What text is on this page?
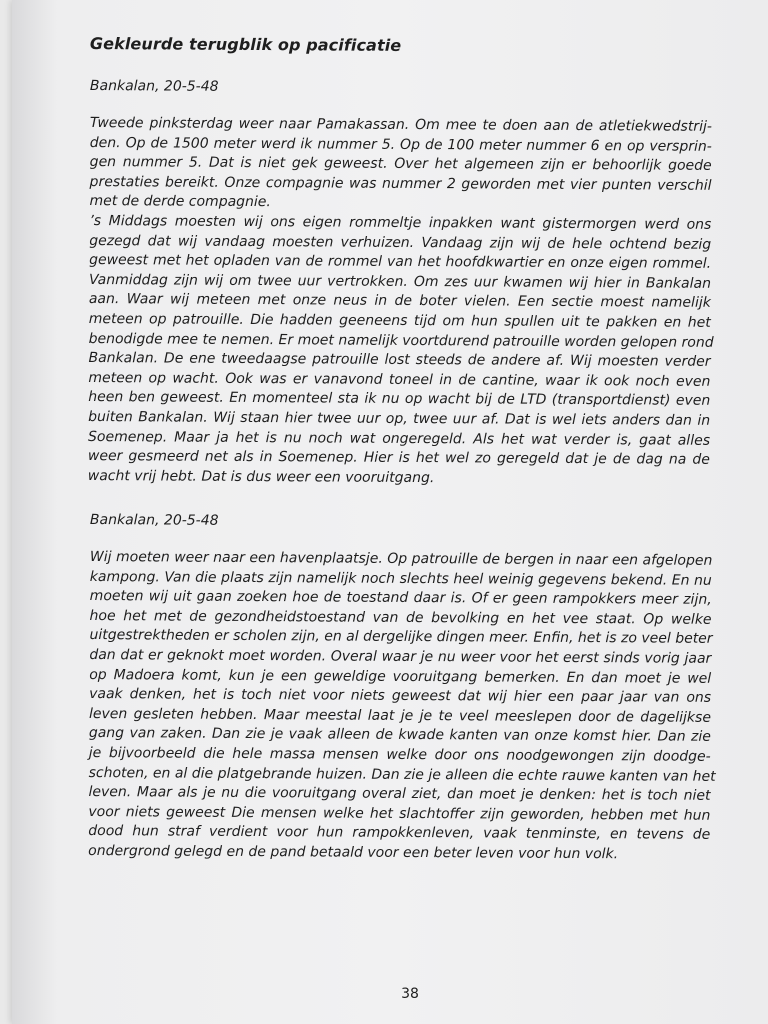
Gekleurde terugblik op pacificatie
Bankalan, 20-5-48
Tweede pinksterdag weer naar Pamakassan. Om mee te doen aan de atletiekwedstrij-
den. Op de 1500 meter werd ik nummer 5. Op de 100 meter nummer 6 en op versprin-
gen nummer 5. Dat is niet gek geweest. Over het algemeen zijn er behoorlijk goede
prestaties bereikt. Onze compagnie was nummer 2 geworden met vier punten verschil
met de derde compagnie.
’s Middags moesten wij ons eigen rommeltje inpakken want gistermorgen werd ons
gezegd dat wij vandaag moesten verhuizen. Vandaag zijn wij de hele ochtend bezig
geweest met het opladen van de rommel van het hoofdkwartier en onze eigen rommel.
Vanmiddag zijn wij om twee uur vertrokken. Om zes uur kwamen wij hier in Bankalan
aan. Waar wij meteen met onze neus in de boter vielen. Een sectie moest namelijk
meteen op patrouille. Die hadden geeneens tijd om hun spullen uit te pakken en het
benodigde mee te nemen. Er moet namelijk voortdurend patrouille worden gelopen rond
Bankalan. De ene tweedaagse patrouille lost steeds de andere af. Wij moesten verder
meteen op wacht. Ook was er vanavond toneel in de cantine, waar ik ook noch even
heen ben geweest. En momenteel sta ik nu op wacht bij de LTD (transportdienst) even
buiten Bankalan. Wij staan hier twee uur op, twee uur af. Dat is wel iets anders dan in
Soemenep. Maar ja het is nu noch wat ongeregeld. Als het wat verder is, gaat alles
weer gesmeerd net als in Soemenep. Hier is het wel zo geregeld dat je de dag na de
wacht vrij hebt. Dat is dus weer een vooruitgang.
Bankalan, 20-5-48
Wij moeten weer naar een havenplaatsje. Op patrouille de bergen in naar een afgelopen
kampong. Van die plaats zijn namelijk noch slechts heel weinig gegevens bekend. En nu
moeten wij uit gaan zoeken hoe de toestand daar is. Of er geen rampokkers meer zijn,
hoe het met de gezondheidstoestand van de bevolking en het vee staat. Op welke
uitgestrektheden er scholen zijn, en al dergelijke dingen meer. Enfin, het is zo veel beter
dan dat er geknokt moet worden. Overal waar je nu weer voor het eerst sinds vorig jaar
op Madoera komt, kun je een geweldige vooruitgang bemerken. En dan moet je wel
vaak denken, het is toch niet voor niets geweest dat wij hier een paar jaar van ons
leven gesleten hebben. Maar meestal laat je je te veel meeslepen door de dagelijkse
gang van zaken. Dan zie je vaak alleen de kwade kanten van onze komst hier. Dan zie
je bijvoorbeeld die hele massa mensen welke door ons noodgewongen zijn doodge-
schoten, en al die platgebrande huizen. Dan zie je alleen die echte rauwe kanten van het
leven. Maar als je nu die vooruitgang overal ziet, dan moet je denken: het is toch niet
voor niets geweest Die mensen welke het slachtoffer zijn geworden, hebben met hun
dood hun straf verdient voor hun rampokkenleven, vaak tenminste, en tevens de
ondergrond gelegd en de pand betaald voor een beter leven voor hun volk.
38
